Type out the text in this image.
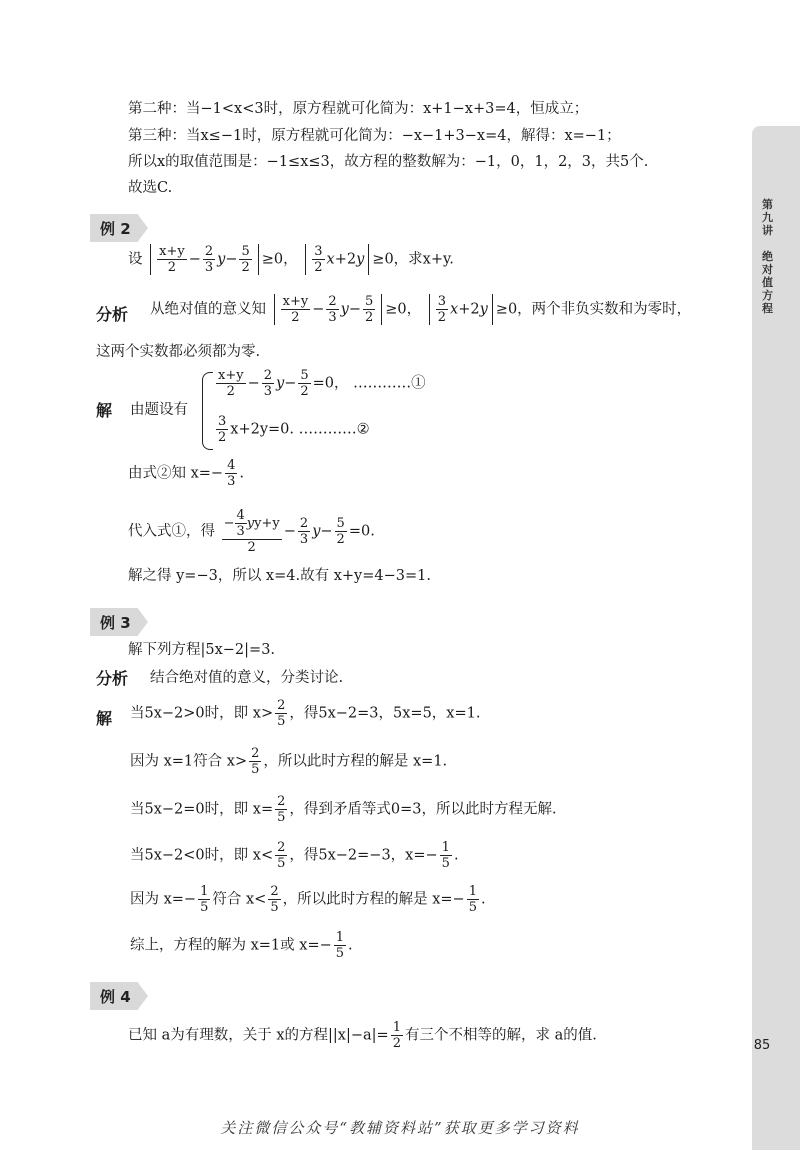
第九讲
绝对值方程
85
第二种：当−1<x<3时，原方程就可化简为：x+1−x+3=4，恒成立；
第三种：当x≤−1时，原方程就可化简为：−x−1+3−x=4，解得：x=−1；
所以x的取值范围是：−1≤x≤3，故方程的整数解为：−1，0，1，2，3，共5个.
故选C.
例 2
设 $\frac{x+y}{2} - \frac{2}{3} y- \frac{5}{2} \ge 0$， $\frac{3}{2} x+2y \ge 0$，求x+y.
分析 从绝对值的意义知 $\frac{x+y}{2} - \frac{2}{3} y- \frac{5}{2} \ge 0$， $\frac{3}{2} x+2y \ge 0$，两个非负实数和为零时，
这两个实数都必须都为零.
解 由题设有
$\frac{x+y}{2} - \frac{2}{3} y- \frac{5}{2} =0$， …………①
$\frac{3}{2} x+2y=0$. …………②
由式②知 $x=- \frac{4}{3}$ .
代入式①，得 $\frac{- \frac{4}{3} yy+y}{2} - \frac{2}{3} y- \frac{5}{2} =0$.
解之得 y=−3，所以 x=4.故有 x+y=4−3=1.
例 3
解下列方程|5x−2|=3.
分析 结合绝对值的意义，分类讨论.
解 当5x−2>0时，即 $x> \frac{2}{5}$ ，得5x−2=3，5x=5，x=1.
因为 x=1符合 $x> \frac{2}{5}$ ，所以此时方程的解是 x=1.
当5x−2=0时，即 $x= \frac{2}{5}$ ，得到矛盾等式0=3，所以此时方程无解.
当5x−2<0时，即 $x< \frac{2}{5}$ ，得5x−2=−3，$x=- \frac{1}{5}$ .
因为 $x=- \frac{1}{5}$ 符合 $x< \frac{2}{5}$ ，所以此时方程的解是 $x=- \frac{1}{5}$ .
综上，方程的解为 x=1或 $x=- \frac{1}{5}$ .
例 4
已知 a为有理数，关于 x的方程$||x|-a|= \frac{1}{2}$ 有三个不相等的解，求 a的值.
关注微信公众号“教辅资料站”获取更多学习资料
